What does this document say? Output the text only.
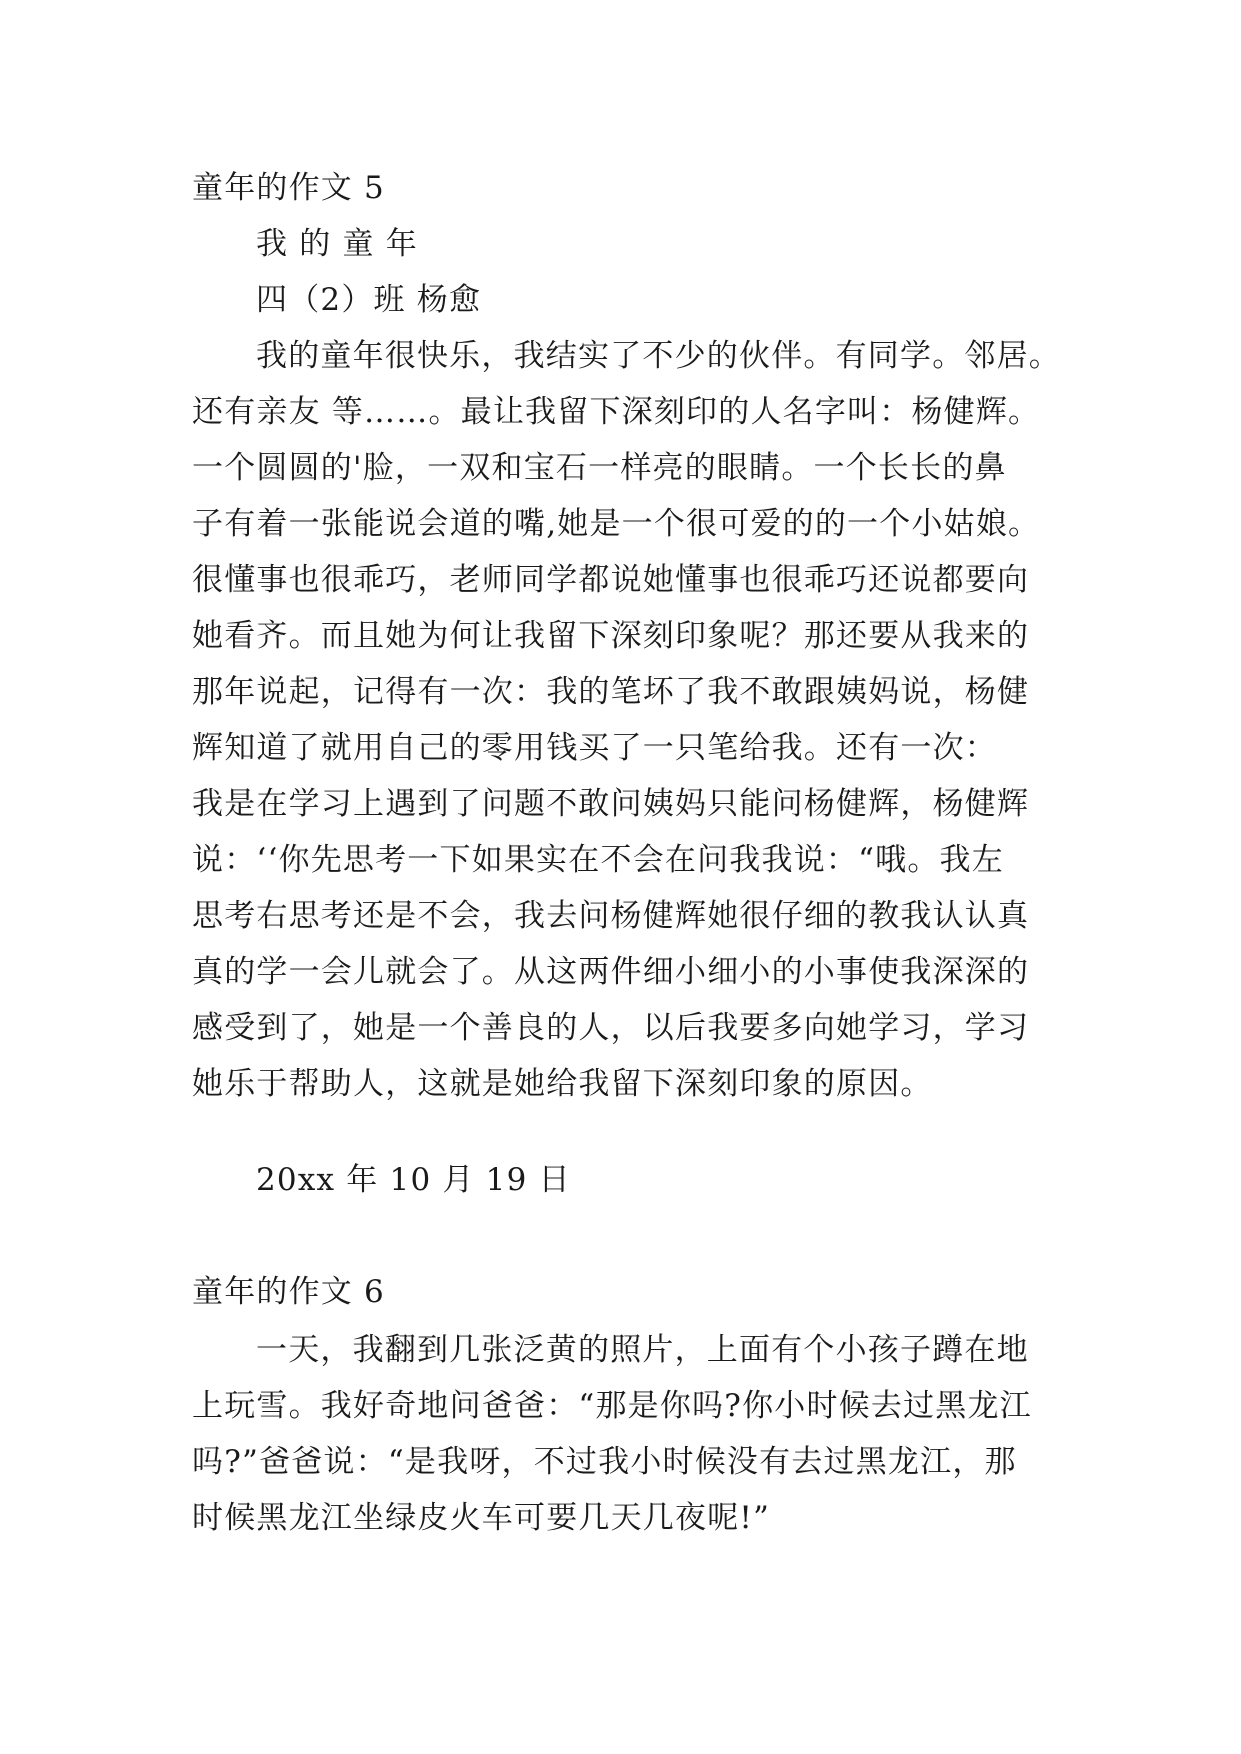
童年的作文 5
我 的 童 年
四（2）班 杨愈
我的童年很快乐，我结实了不少的伙伴。有同学。邻居。
还有亲友 等……。最让我留下深刻印的人名字叫：杨健辉。
一个圆圆的'脸，一双和宝石一样亮的眼睛。一个长长的鼻
子有着一张能说会道的嘴,她是一个很可爱的的一个小姑娘。
很懂事也很乖巧，老师同学都说她懂事也很乖巧还说都要向
她看齐。而且她为何让我留下深刻印象呢？那还要从我来的
那年说起，记得有一次：我的笔坏了我不敢跟姨妈说，杨健
辉知道了就用自己的零用钱买了一只笔给我。还有一次：
我是在学习上遇到了问题不敢问姨妈只能问杨健辉，杨健辉
说：‘‘你先思考一下如果实在不会在问我我说：“哦。我左
思考右思考还是不会，我去问杨健辉她很仔细的教我认认真
真的学一会儿就会了。从这两件细小细小的小事使我深深的
感受到了，她是一个善良的人，以后我要多向她学习，学习
她乐于帮助人，这就是她给我留下深刻印象的原因。
20xx 年 10 月 19 日
童年的作文 6
一天，我翻到几张泛黄的照片，上面有个小孩子蹲在地
上玩雪。我好奇地问爸爸：“那是你吗?你小时候去过黑龙江
吗?”爸爸说：“是我呀，不过我小时候没有去过黑龙江，那
时候黑龙江坐绿皮火车可要几天几夜呢!”
